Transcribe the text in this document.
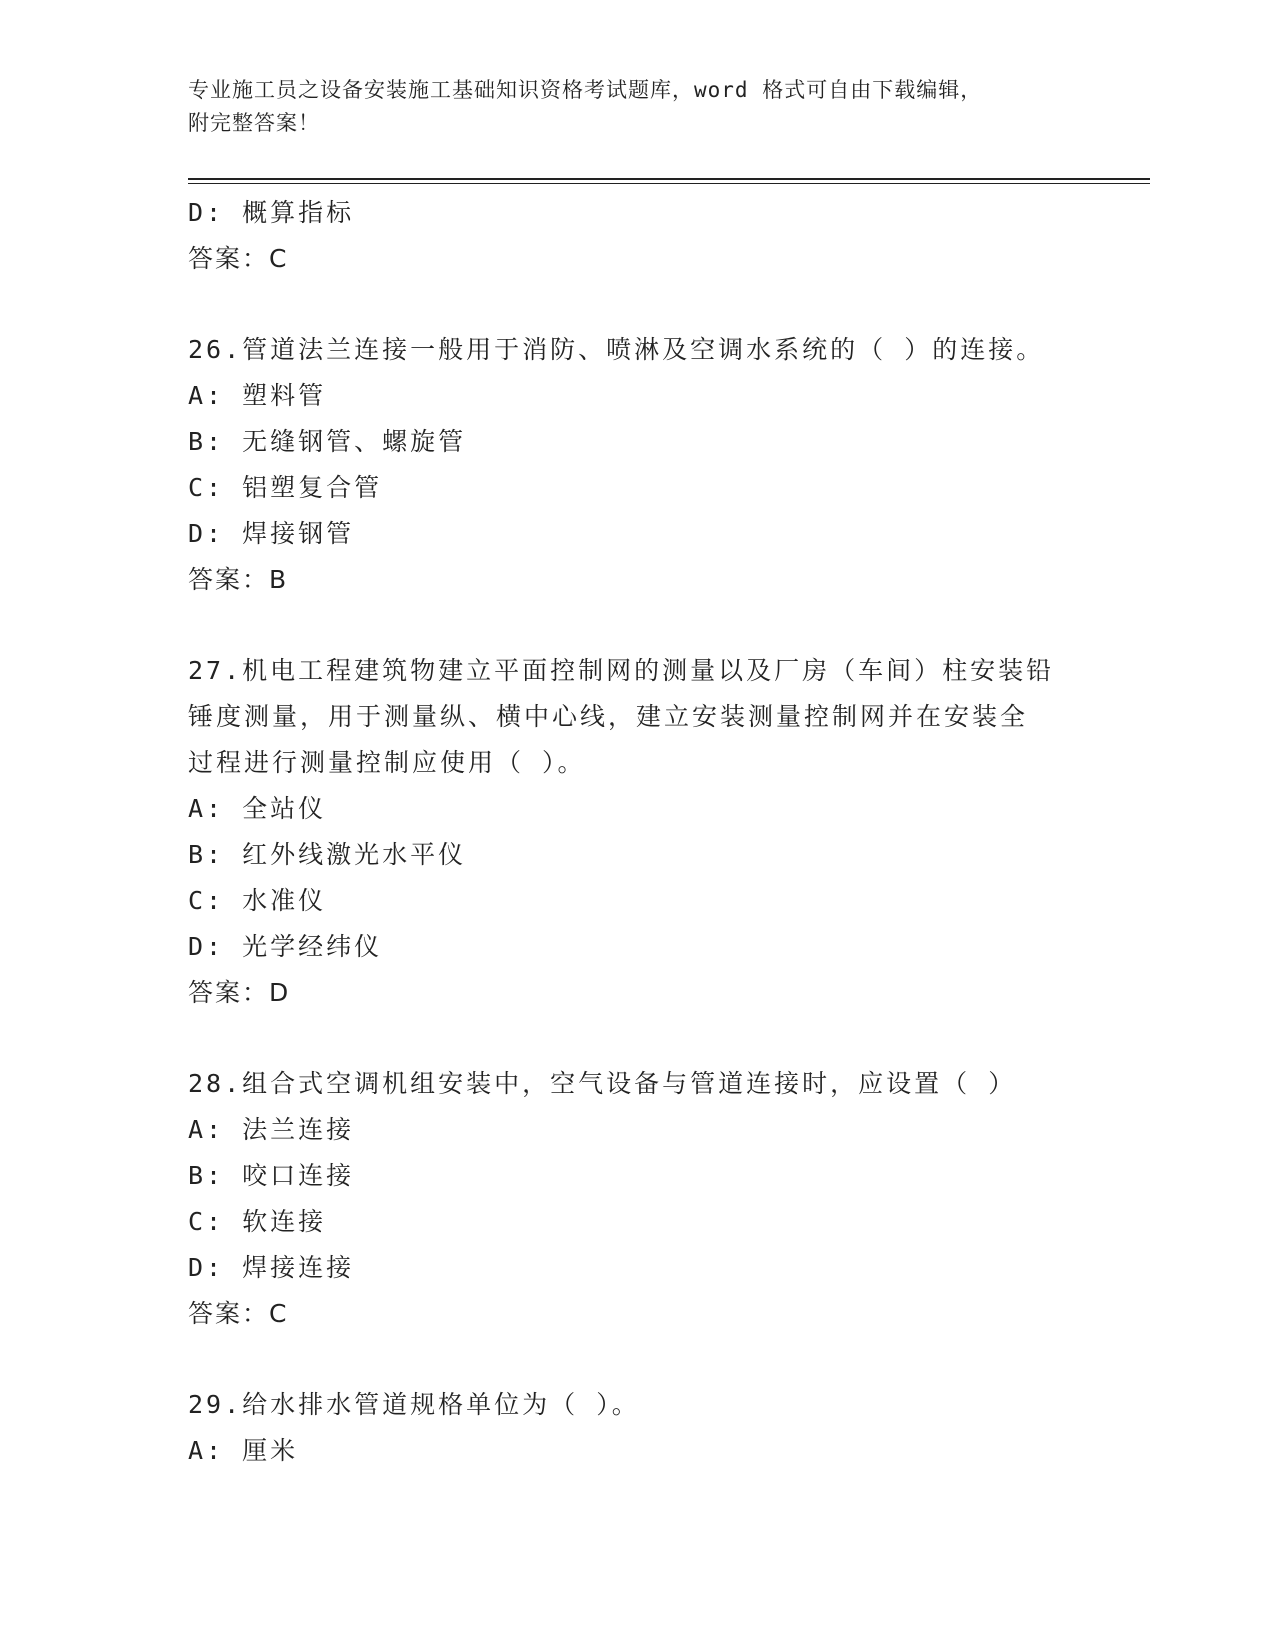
专业施工员之设备安装施工基础知识资格考试题库，word 格式可自由下载编辑，
附完整答案！
D: 概算指标
答案：C
26.管道法兰连接一般用于消防、喷淋及空调水系统的（ ）的连接。
A: 塑料管
B: 无缝钢管、螺旋管
C: 铝塑复合管
D: 焊接钢管
答案：B
27.机电工程建筑物建立平面控制网的测量以及厂房（车间）柱安装铅
锤度测量，用于测量纵、横中心线，建立安装测量控制网并在安装全
过程进行测量控制应使用（ ）。
A: 全站仪
B: 红外线激光水平仪
C: 水准仪
D: 光学经纬仪
答案：D
28.组合式空调机组安装中，空气设备与管道连接时，应设置（ ）
A: 法兰连接
B: 咬口连接
C: 软连接
D: 焊接连接
答案：C
29.给水排水管道规格单位为（ ）。
A: 厘米
